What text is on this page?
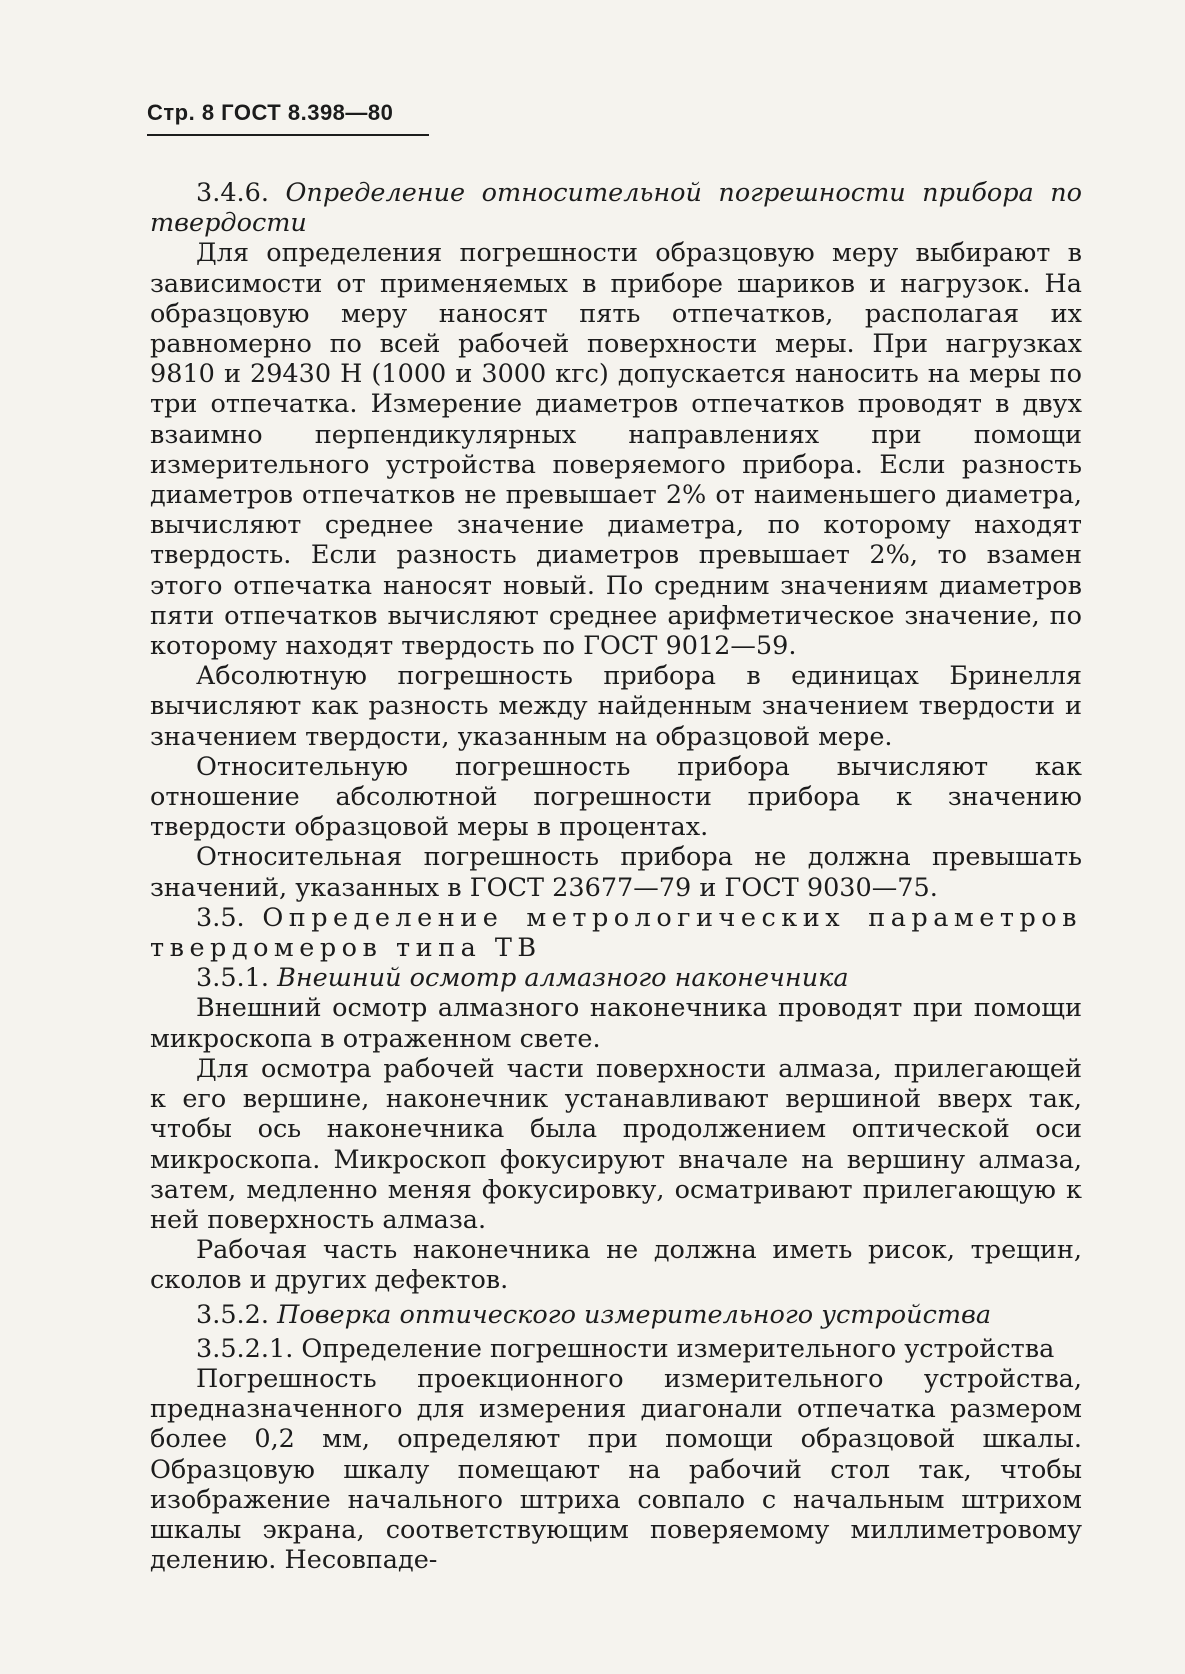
Стр. 8 ГОСТ 8.398—80

3.4.6. Определение относительной погрешности прибора по твердости

Для определения погрешности образцовую меру выбирают в зависимости от применяемых в приборе шариков и нагрузок. На образцовую меру наносят пять отпечатков, располагая их равномерно по всей рабочей поверхности меры. При нагрузках 9810 и 29430 Н (1000 и 3000 кгс) допускается наносить на меры по три отпечатка. Измерение диаметров отпечатков проводят в двух взаимно перпендикулярных направлениях при помощи измерительного устройства поверяемого прибора. Если разность диаметров отпечатков не превышает 2% от наименьшего диаметра, вычисляют среднее значение диаметра, по которому находят твердость. Если разность диаметров превышает 2%, то взамен этого отпечатка наносят новый. По средним значениям диаметров пяти отпечатков вычисляют среднее арифметическое значение, по которому находят твердость по ГОСТ 9012—59.

Абсолютную погрешность прибора в единицах Бринелля вычисляют как разность между найденным значением твердости и значением твердости, указанным на образцовой мере.

Относительную погрешность прибора вычисляют как отношение абсолютной погрешности прибора к значению твердости образцовой меры в процентах.

Относительная погрешность прибора не должна превышать значений, указанных в ГОСТ 23677—79 и ГОСТ 9030—75.

3.5. Определение метрологических параметров твердомеров типа ТВ

3.5.1. Внешний осмотр алмазного наконечника

Внешний осмотр алмазного наконечника проводят при помощи микроскопа в отраженном свете.

Для осмотра рабочей части поверхности алмаза, прилегающей к его вершине, наконечник устанавливают вершиной вверх так, чтобы ось наконечника была продолжением оптической оси микроскопа. Микроскоп фокусируют вначале на вершину алмаза, затем, медленно меняя фокусировку, осматривают прилегающую к ней поверхность алмаза.

Рабочая часть наконечника не должна иметь рисок, трещин, сколов и других дефектов.

3.5.2. Поверка оптического измерительного устройства

3.5.2.1. Определение погрешности измерительного устройства

Погрешность проекционного измерительного устройства, предназначенного для измерения диагонали отпечатка размером более 0,2 мм, определяют при помощи образцовой шкалы. Образцовую шкалу помещают на рабочий стол так, чтобы изображение начального штриха совпало с начальным штрихом шкалы экрана, соответствующим поверяемому миллиметровому делению. Несовпаде-
